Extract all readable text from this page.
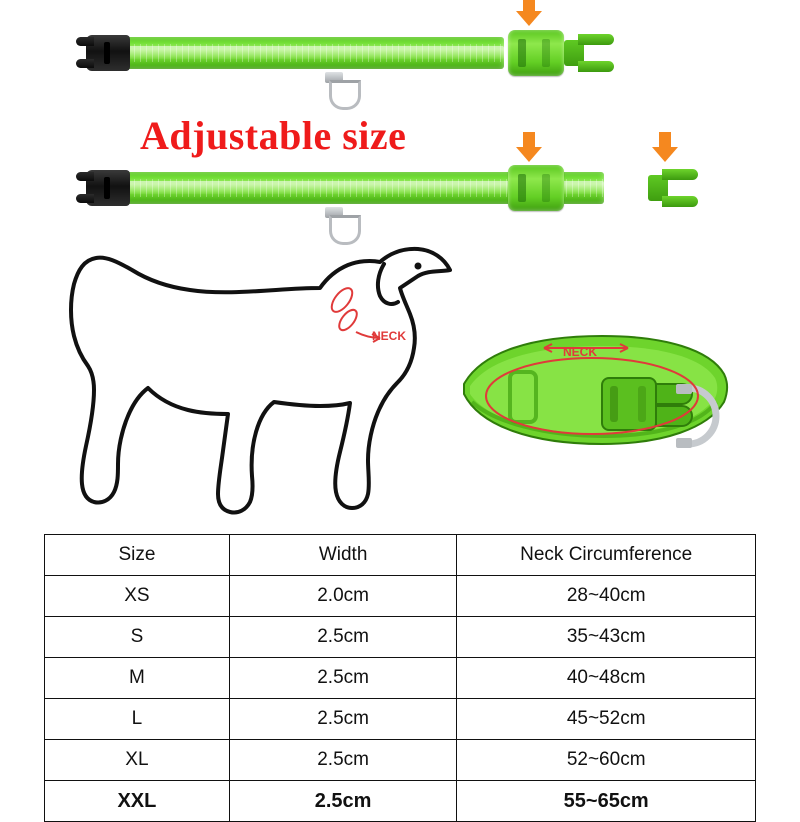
Adjustable size
NECK
NECK
Size	Width	Neck Circumference
XS	2.0cm	28~40cm
S	2.5cm	35~43cm
M	2.5cm	40~48cm
L	2.5cm	45~52cm
XL	2.5cm	52~60cm
XXL	2.5cm	55~65cm
